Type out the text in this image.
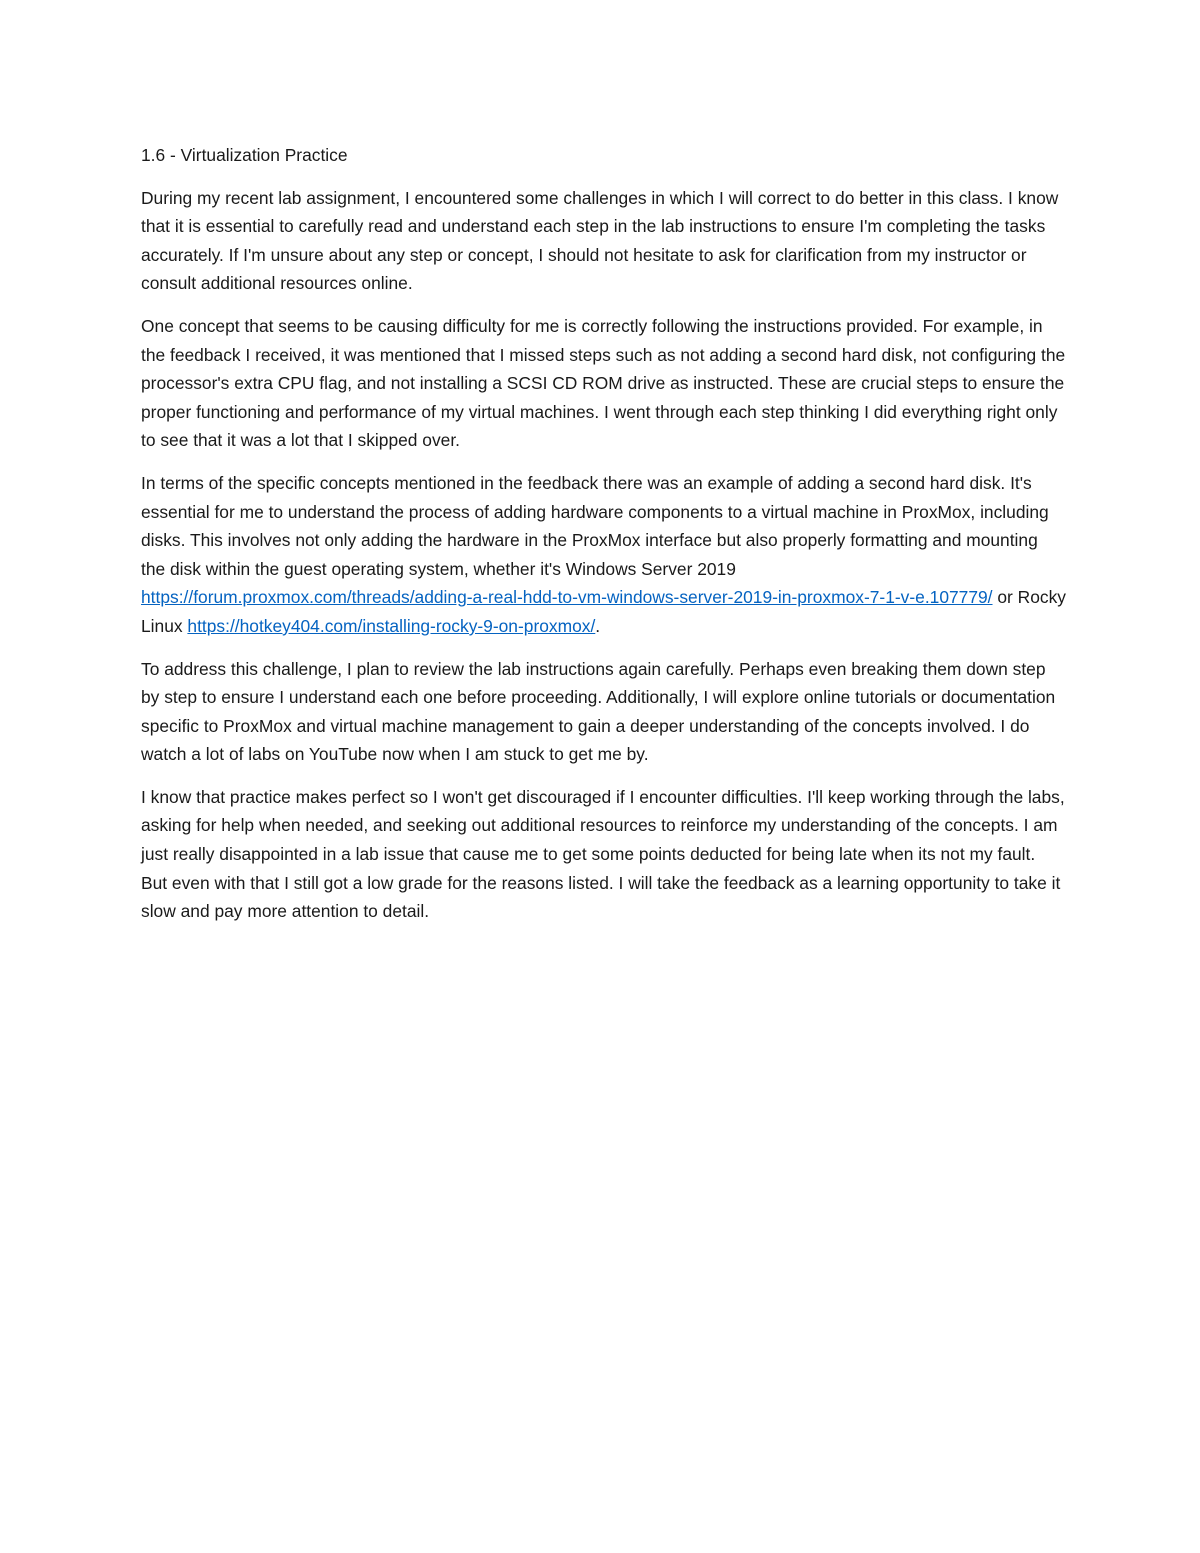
1.6 - Virtualization Practice

During my recent lab assignment, I encountered some challenges in which I will correct to do better in this class. I know that it is essential to carefully read and understand each step in the lab instructions to ensure I'm completing the tasks accurately. If I'm unsure about any step or concept, I should not hesitate to ask for clarification from my instructor or consult additional resources online.

One concept that seems to be causing difficulty for me is correctly following the instructions provided. For example, in the feedback I received, it was mentioned that I missed steps such as not adding a second hard disk, not configuring the processor's extra CPU flag, and not installing a SCSI CD ROM drive as instructed. These are crucial steps to ensure the proper functioning and performance of my virtual machines. I went through each step thinking I did everything right only to see that it was a lot that I skipped over.

In terms of the specific concepts mentioned in the feedback there was an example of adding a second hard disk. It's essential for me to understand the process of adding hardware components to a virtual machine in ProxMox, including disks. This involves not only adding the hardware in the ProxMox interface but also properly formatting and mounting the disk within the guest operating system, whether it's Windows Server 2019 https://forum.proxmox.com/threads/adding-a-real-hdd-to-vm-windows-server-2019-in-proxmox-7-1-v-e.107779/ or Rocky Linux https://hotkey404.com/installing-rocky-9-on-proxmox/.

To address this challenge, I plan to review the lab instructions again carefully. Perhaps even breaking them down step by step to ensure I understand each one before proceeding. Additionally, I will explore online tutorials or documentation specific to ProxMox and virtual machine management to gain a deeper understanding of the concepts involved. I do watch a lot of labs on YouTube now when I am stuck to get me by.

I know that practice makes perfect so I won't get discouraged if I encounter difficulties. I'll keep working through the labs, asking for help when needed, and seeking out additional resources to reinforce my understanding of the concepts. I am just really disappointed in a lab issue that cause me to get some points deducted for being late when its not my fault. But even with that I still got a low grade for the reasons listed. I will take the feedback as a learning opportunity to take it slow and pay more attention to detail.
